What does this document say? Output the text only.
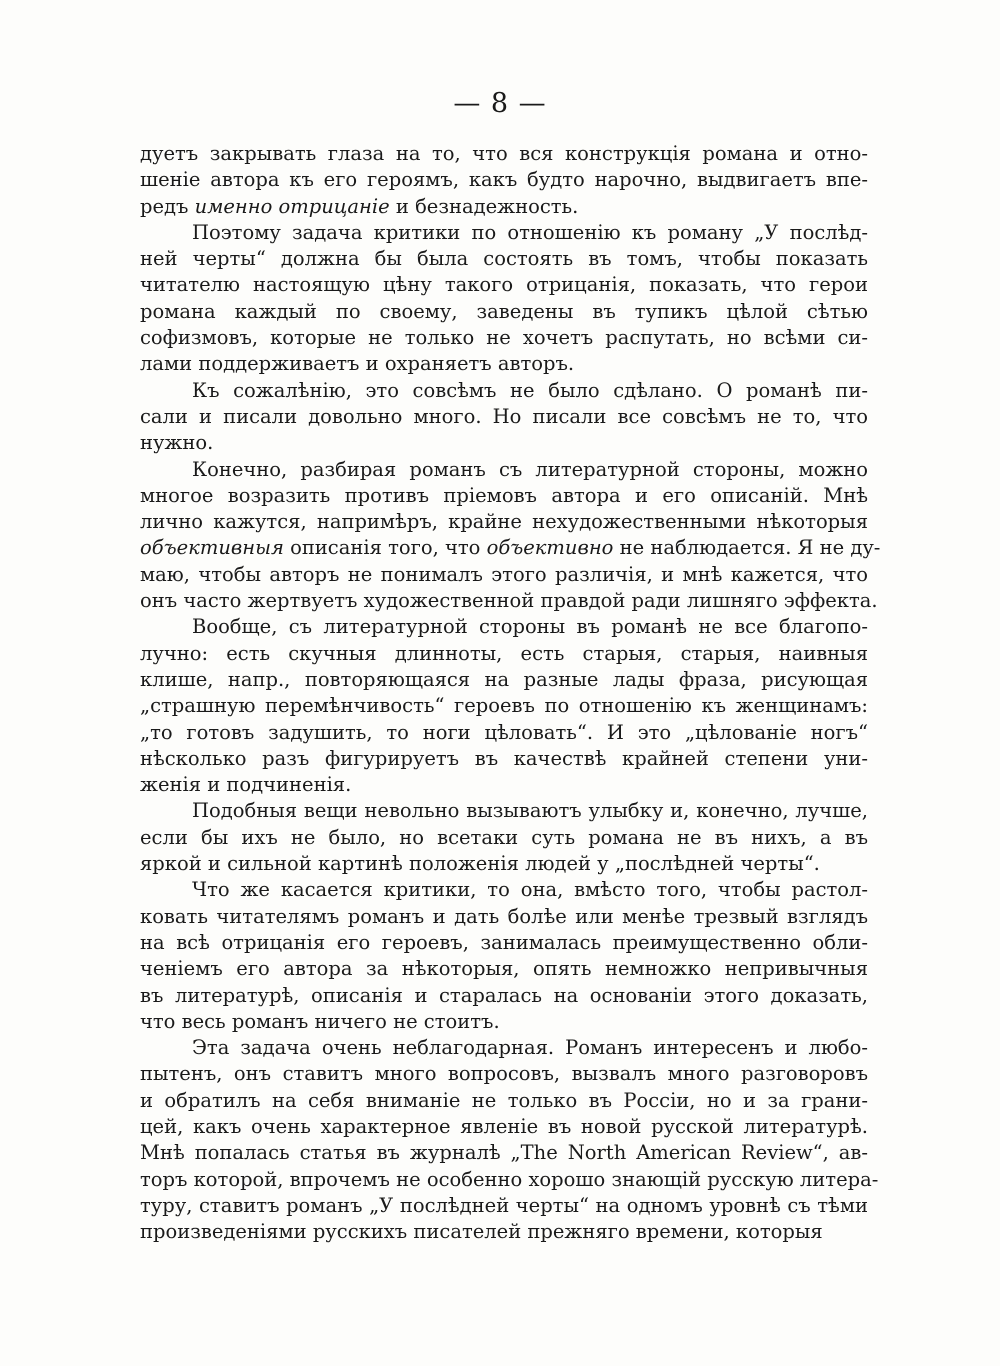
— 8 —

дуетъ закрывать глаза на то, что вся конструкція романа и отно-
шеніе автора къ его героямъ, какъ будто нарочно, выдвигаетъ впе-
редъ именно отрицаніе и безнадежность.

Поэтому задача критики по отношенію къ роману „У послѣд-
ней черты“ должна бы была состоять въ томъ, чтобы показать
читателю настоящую цѣну такого отрицанія, показать, что герои
романа каждый по своему, заведены въ тупикъ цѣлой сѣтью
софизмовъ, которые не только не хочетъ распутать, но всѣми си-
лами поддерживаетъ и охраняетъ авторъ.

Къ сожалѣнію, это совсѣмъ не было сдѣлано. О романѣ пи-
сали и писали довольно много. Но писали все совсѣмъ не то, что
нужно.

Конечно, разбирая романъ съ литературной стороны, можно
многое возразить противъ пріемовъ автора и его описаній. Мнѣ
лично кажутся, напримѣръ, крайне нехудожественными нѣкоторыя
объективныя описанія того, что объективно не наблюдается. Я не ду-
маю, чтобы авторъ не понималъ этого различія, и мнѣ кажется, что
онъ часто жертвуетъ художественной правдой ради лишняго эффекта.

Вообще, съ литературной стороны въ романѣ не все благопо-
лучно: есть скучныя длинноты, есть старыя, старыя, наивныя
клише, напр., повторяющаяся на разные лады фраза, рисующая
„страшную перемѣнчивость“ героевъ по отношенію къ женщинамъ:
„то готовъ задушить, то ноги цѣловать“. И это „цѣлованіе ногъ“
нѣсколько разъ фигурируетъ въ качествѣ крайней степени уни-
женія и подчиненія.

Подобныя вещи невольно вызываютъ улыбку и, конечно, лучше,
если бы ихъ не было, но всетаки суть романа не въ нихъ, а въ
яркой и сильной картинѣ положенія людей у „послѣдней черты“.

Что же касается критики, то она, вмѣсто того, чтобы растол-
ковать читателямъ романъ и дать болѣе или менѣе трезвый взглядъ
на всѣ отрицанія его героевъ, занималась преимущественно обли-
ченіемъ его автора за нѣкоторыя, опять немножко непривычныя
въ литературѣ, описанія и старалась на основаніи этого доказать,
что весь романъ ничего не стоитъ.

Эта задача очень неблагодарная. Романъ интересенъ и любо-
пытенъ, онъ ставитъ много вопросовъ, вызвалъ много разговоровъ
и обратилъ на себя вниманіе не только въ Россіи, но и за грани-
цей, какъ очень характерное явленіе въ новой русской литературѣ.
Мнѣ попалась статья въ журналѣ „The North American Review“, ав-
торъ которой, впрочемъ не особенно хорошо знающій русскую литера-
туру, ставитъ романъ „У послѣдней черты“ на одномъ уровнѣ съ тѣми
произведеніями русскихъ писателей прежняго времени, которыя
